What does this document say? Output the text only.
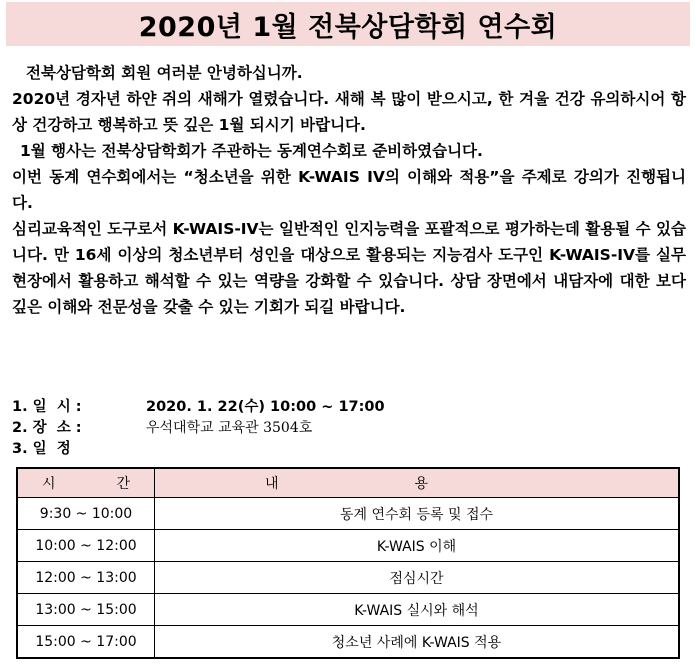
2020년 1월 전북상담학회 연수회

전북상담학회 회원 여러분 안녕하십니까.

2020년 경자년 하얀 쥐의 새해가 열렸습니다. 새해 복 많이 받으시고, 한 겨울 건강 유의하시어 항상 건강하고 행복하고 뜻 깊은 1월 되시기 바랍니다.

1월 행사는 전북상담학회가 주관하는 동계연수회로 준비하였습니다.

이번 동계 연수회에서는 “청소년을 위한 K-WAIS IV의 이해와 적용”을 주제로 강의가 진행됩니다.

심리교육적인 도구로서 K-WAIS-IV는 일반적인 인지능력을 포괄적으로 평가하는데 활용될 수 있습니다. 만 16세 이상의 청소년부터 성인을 대상으로 활용되는 지능검사 도구인 K-WAIS-IV를 실무현장에서 활용하고 해석할 수 있는 역량을 강화할 수 있습니다. 상담 장면에서 내담자에 대한 보다 깊은 이해와 전문성을 갖출 수 있는 기회가 되길 바랍니다.

1. 일  시 :	2020. 1. 22(수) 10:00 ~ 17:00
2. 장  소 :	우석대학교 교육관 3504호
3. 일  정
시 간	내 용

9:30 ~ 10:00	동계 연수회 등록 및 접수
10:00 ~ 12:00	K-WAIS 이해
12:00 ~ 13:00	점심시간
13:00 ~ 15:00	K-WAIS 실시와 해석
15:00 ~ 17:00	청소년 사례에 K-WAIS 적용
